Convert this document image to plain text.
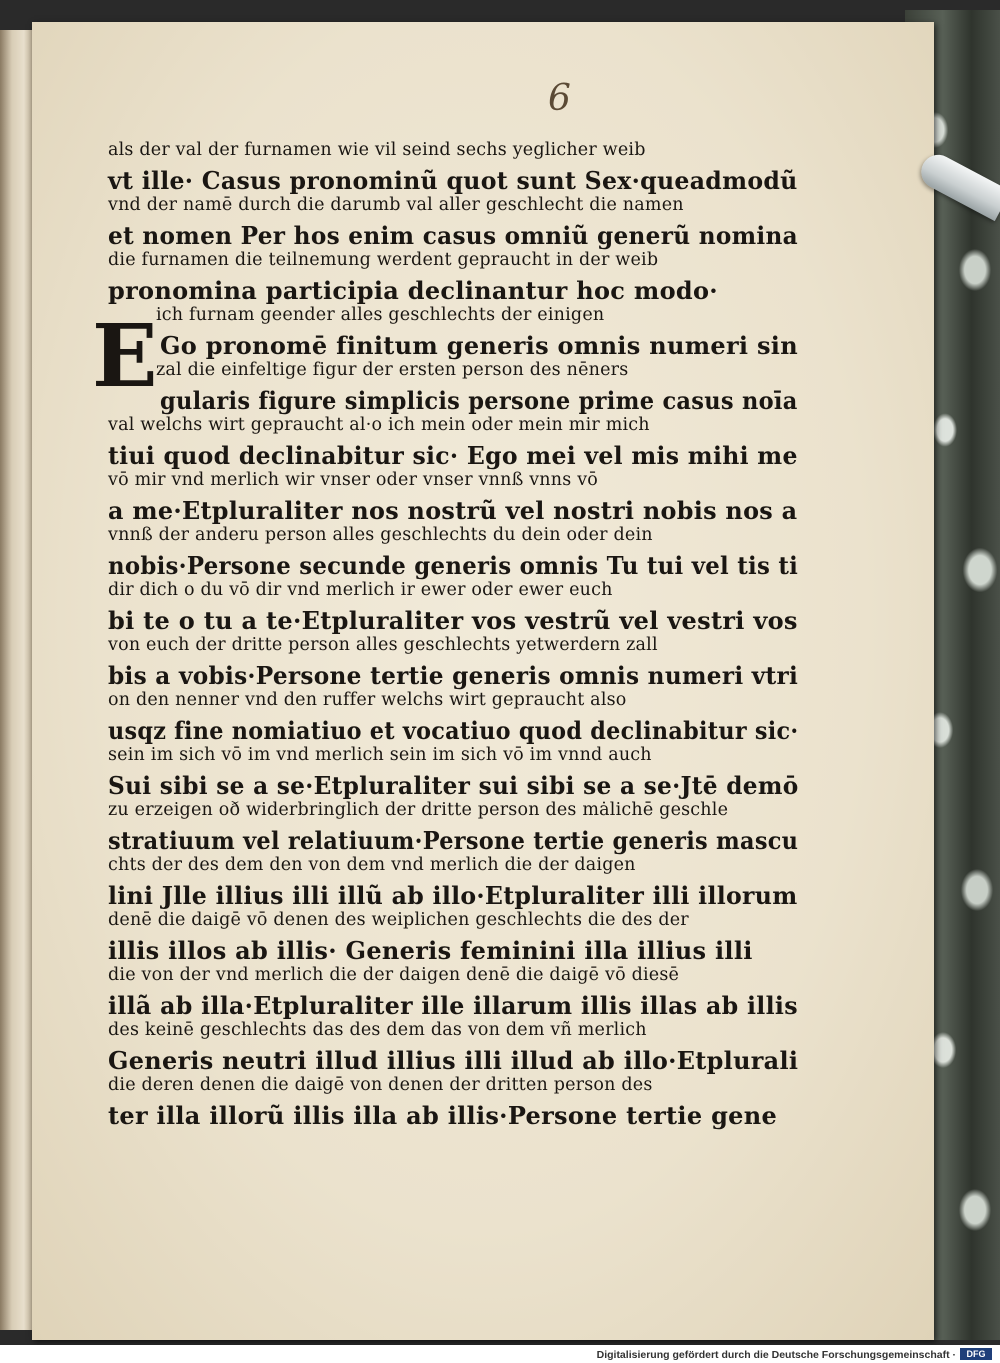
6
E
als der val der furnamen wie vil seind sechs yeglicher weib
vt ille· Casus pronominũ quot sunt Sex·queadmodũ
vnd der namē durch die darumb val aller geschlecht die namen
et nomen Per hos enim casus omniũ generũ nomina
die furnamen die teilnemung werdent gepraucht in der weib
pronomina participia declinantur hoc modo·
ich furnam geender alles geschlechts der einigen
Go pronomē finitum generis omnis numeri sin
zal die einfeltige figur der ersten person des nēners
gularis figure simplicis persone prime casus noīa
val welchs wirt gepraucht al·o ich mein oder mein mir mich
tiui quod declinabitur sic· Ego mei vel mis mihi me
vō mir vnd merlich wir vnser oder vnser vnnß vnns vō
a me·Etpluraliter nos nostrũ vel nostri nobis nos a
vnnß der anderu person alles geschlechts du dein oder dein
nobis·Persone secunde generis omnis Tu tui vel tis ti
dir dich o du vō dir vnd merlich ir ewer oder ewer euch
bi te o tu a te·Etpluraliter vos vestrũ vel vestri vos
von euch der dritte person alles geschlechts yetwerdern zall
bis a vobis·Persone tertie generis omnis numeri vtri
on den nenner vnd den ruffer welchs wirt gepraucht also
usqz fine nomiatiuo et vocatiuo quod declinabitur sic·
sein im sich vō im vnd merlich sein im sich vō im vnnd auch
Sui sibi se a se·Etpluraliter sui sibi se a se·Jtē demō
zu erzeigen oð widerbringlich der dritte person des mȧlichē geschle
stratiuum vel relatiuum·Persone tertie generis mascu
chts der des dem den von dem vnd merlich die der daigen
lini Jlle illius illi illũ ab illo·Etpluraliter illi illorum
denē die daigē vō denen des weiplichen geschlechts die des der
illis illos ab illis· Generis feminini illa illius illi
die von der vnd merlich die der daigen denē die daigē vō diesē
illã ab illa·Etpluraliter ille illarum illis illas ab illis
des keinē geschlechts das des dem das von dem vñ merlich
Generis neutri illud illius illi illud ab illo·Etplurali
die deren denen die daigē von denen der dritten person des
ter illa illorũ illis illa ab illis·Persone tertie gene
Digitalisierung gefördert durch die Deutsche Forschungsgemeinschaft ·	DFG
